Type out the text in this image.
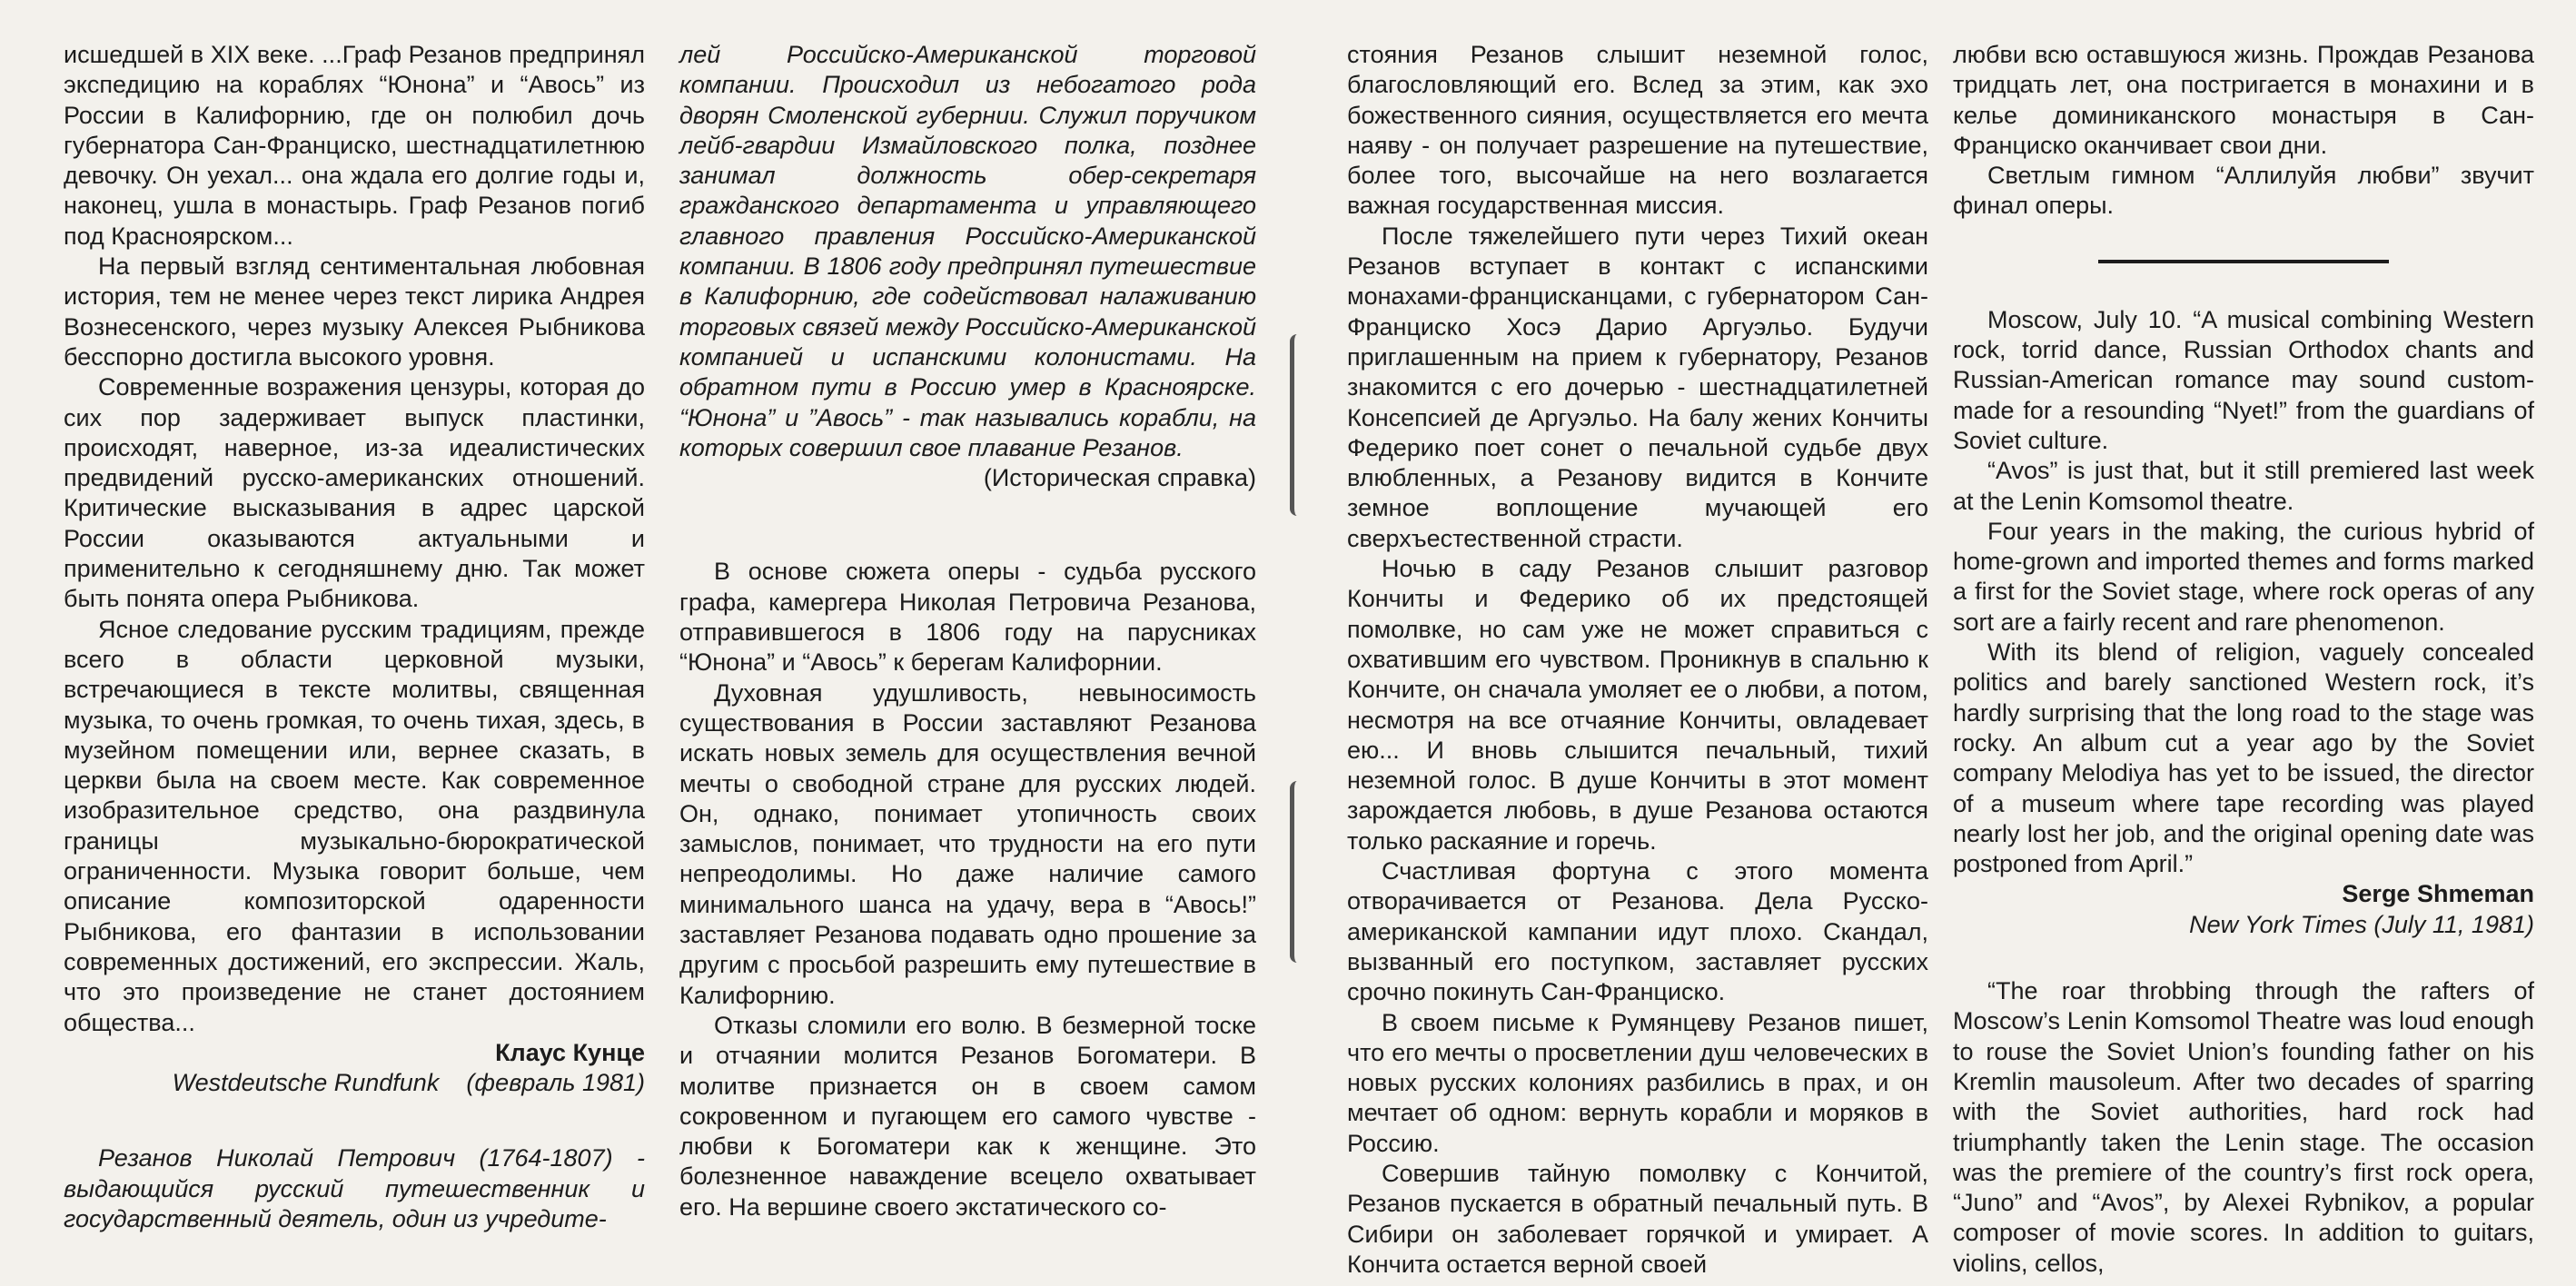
исшедшей в XIX веке. ...Граф Резанов предпринял экспедицию на кораблях “Юнона” и “Авось” из России в Калифорнию, где он полюбил дочь губернатора Сан-Франциско, шестнадцатилетнюю девочку. Он уехал... она ждала его долгие годы и, наконец, ушла в монастырь. Граф Резанов погиб под Красноярском...

На первый взгляд сентиментальная любовная история, тем не менее через текст лирика Андрея Вознесенского, через музыку Алексея Рыбникова бесспорно достигла высокого уровня.

Современные возражения цензуры, которая до сих пор задерживает выпуск пластинки, происходят, наверное, из-за идеалистических предвидений русско-американских отношений. Критические высказывания в адрес царской России оказываются актуальными и применительно к сегодняшнему дню. Так может быть понята опера Рыбникова.

Ясное следование русским традициям, прежде всего в области церковной музыки, встречающиеся в тексте молитвы, священная музыка, то очень громкая, то очень тихая, здесь, в музейном помещении или, вернее сказать, в церкви была на своем месте. Как современное изобразительное средство, она раздвинула границы музыкально-бюрократической ограниченности. Музыка говорит больше, чем описание композиторской одаренности Рыбникова, его фантазии в использовании современных достижений, его экспрессии. Жаль, что это произведение не станет достоянием общества...

Клаус Кунце

Westdeutsche Rundfunk    (февраль 1981)

Резанов Николай Петрович (1764-1807) - выдающийся русский путешественник и государственный деятель, один из учредите-

лей Российско-Американской торговой компании. Происходил из небогатого рода дворян Смоленской губернии. Служил поручиком лейб-гвардии Измайловского полка, позднее занимал должность обер-секретаря гражданского департамента и управляющего главного правления Российско-Американской компании. В 1806 году предпринял путешествие в Калифорнию, где содействовал налаживанию торговых связей между Российско-Американской компанией и испанскими колонистами. На обратном пути в Россию умер в Красноярске. “Юнона” и ”Авось” - так назывались корабли, на которых совершил свое плавание Резанов.

(Историческая справка)

В основе сюжета оперы - судьба русского графа, камергера Николая Петровича Резанова, отправившегося в 1806 году на парусниках “Юнона” и “Авось” к берегам Калифорнии.

Духовная удушливость, невыносимость существования в России заставляют Резанова искать новых земель для осуществления вечной мечты о свободной стране для русских людей. Он, однако, понимает утопичность своих замыслов, понимает, что трудности на его пути непреодолимы. Но даже наличие самого минимального шанса на удачу, вера в “Авось!” заставляет Резанова подавать одно прошение за другим с просьбой разрешить ему путешествие в Калифорнию.

Отказы сломили его волю. В безмерной тоске и отчаянии молится Резанов Богоматери. В молитве признается он в своем самом сокровенном и пугающем его самого чувстве - любви к Богоматери как к женщине. Это болезненное наваждение всецело охватывает его. На вершине своего экстатического со-

стояния Резанов слышит неземной голос, благословляющий его. Вслед за этим, как эхо божественного сияния, осуществляется его мечта наяву - он получает разрешение на путешествие, более того, высочайше на него возлагается важная государственная миссия.

После тяжелейшего пути через Тихий океан Резанов вступает в контакт с испанскими монахами-францисканцами, с губернатором Сан-Франциско Хосэ Дарио Аргуэльо. Будучи приглашенным на прием к губернатору, Резанов знакомится с его дочерью - шестнадцатилетней Консепсией де Аргуэльо. На балу жених Кончиты Федерико поет сонет о печальной судьбе двух влюбленных, а Резанову видится в Кончите земное воплощение мучающей его сверхъестественной страсти.

Ночью в саду Резанов слышит разговор Кончиты и Федерико об их предстоящей помолвке, но сам уже не может справиться с охватившим его чувством. Проникнув в спальню к Кончите, он сначала умоляет ее о любви, а потом, несмотря на все отчаяние Кончиты, овладевает ею... И вновь слышится печальный, тихий неземной голос. В душе Кончиты в этот момент зарождается любовь, в душе Резанова остаются только раскаяние и горечь.

Счастливая фортуна с этого момента отворачивается от Резанова. Дела Русско-американской кампании идут плохо. Скандал, вызванный его поступком, заставляет русских срочно покинуть Сан-Франциско.

В своем письме к Румянцеву Резанов пишет, что его мечты о просветлении душ человеческих в новых русских колониях разбились в прах, и он мечтает об одном: вернуть корабли и моряков в Россию.

Совершив тайную помолвку с Кончитой, Резанов пускается в обратный печальный путь. В Сибири он заболевает горячкой и умирает. А Кончита остается верной своей

любви всю оставшуюся жизнь. Прождав Резанова тридцать лет, она постригается в монахини и в келье доминиканского монастыря в Сан-Франциско оканчивает свои дни.

Светлым гимном “Аллилуйя любви” звучит финал оперы.

Moscow, July 10. “A musical combining Western rock, torrid dance, Russian Orthodox chants and Russian-American romance may sound custom-made for a resounding “Nyet!” from the guardians of Soviet culture.

“Avos” is just that, but it still premiered last week at the Lenin Komsomol theatre.

Four years in the making, the curious hybrid of home-grown and imported themes and forms marked a first for the Soviet stage, where rock operas of any sort are a fairly recent and rare phenomenon.

With its blend of religion, vaguely concealed politics and barely sanctioned Western rock, it’s hardly surprising that the long road to the stage was rocky. An album cut a year ago by the Soviet company Melodiya has yet to be issued, the director of a museum where tape recording was played nearly lost her job, and the original opening date was postponed from April.”

Serge Shmeman

New York Times (July 11, 1981)

“The roar throbbing through the rafters of Moscow’s Lenin Komsomol Theatre was loud enough to rouse the Soviet Union’s founding father on his Kremlin mausoleum. After two decades of sparring with the Soviet authorities, hard rock had triumphantly taken the Lenin stage. The occasion was the premiere of the country’s first rock opera, “Juno” and “Avos”, by Alexei Rybnikov, a popular composer of movie scores. In addition to guitars, violins, cellos,
